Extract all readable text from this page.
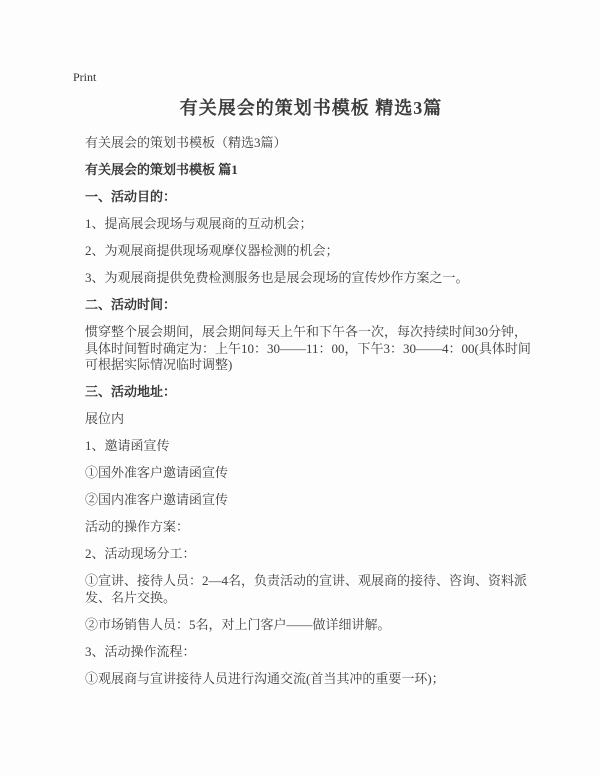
Print
有关展会的策划书模板 精选3篇

有关展会的策划书模板（精选3篇）

有关展会的策划书模板 篇1

一、活动目的：

1、提高展会现场与观展商的互动机会；

2、为观展商提供现场观摩仪器检测的机会；

3、为观展商提供免费检测服务也是展会现场的宣传炒作方案之一。

二、活动时间：

惯穿整个展会期间，展会期间每天上午和下午各一次，每次持续时间30分钟，具体时间暂时确定为：上午10：30——11：00，下午3：30——4：00(具体时间可根据实际情况临时调整)

三、活动地址：

展位内

1、邀请函宣传

①国外准客户邀请函宣传

②国内准客户邀请函宣传

活动的操作方案：

2、活动现场分工：

①宣讲、接待人员：2—4名，负责活动的宣讲、观展商的接待、咨询、资料派发、名片交换。

②市场销售人员：5名，对上门客户——做详细讲解。

3、活动操作流程：

①观展商与宣讲接待人员进行沟通交流(首当其冲的重要一环)；
